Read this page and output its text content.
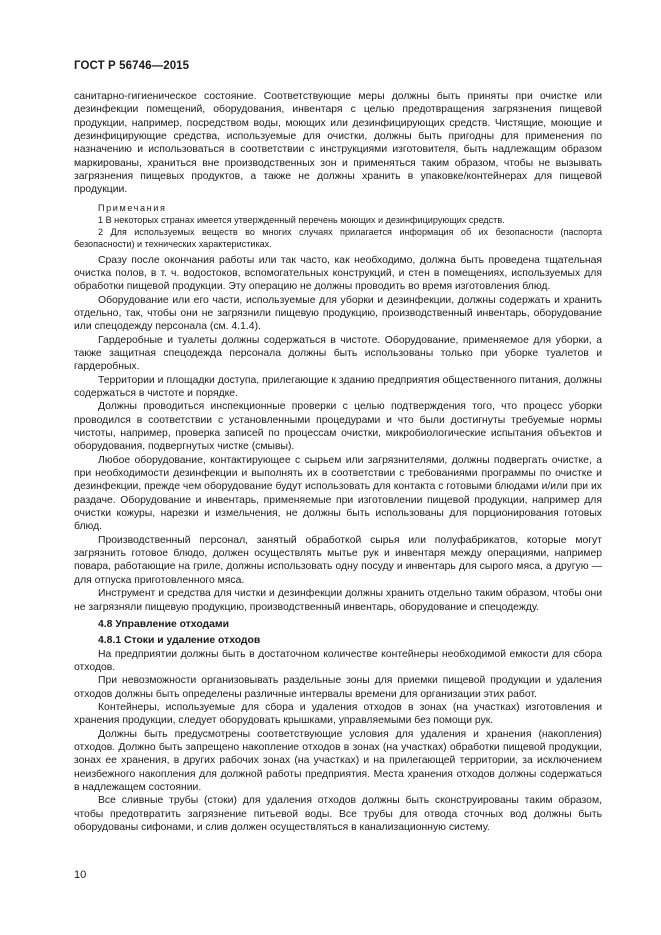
ГОСТ Р 56746—2015

санитарно-гигиеническое состояние. Соответствующие меры должны быть приняты при очистке или дезинфекции помещений, оборудования, инвентаря с целью предотвращения загрязнения пищевой продукции, например, посредством воды, моющих или дезинфицирующих средств. Чистящие, моющие и дезинфицирующие средства, используемые для очистки, должны быть пригодны для применения по назначению и использоваться в соответствии с инструкциями изготовителя, быть надлежащим образом маркированы, храниться вне производственных зон и применяться таким образом, чтобы не вызывать загрязнения пищевых продуктов, а также не должны хранить в упаковке/контейнерах для пищевой продукции.

Примечания

1 В некоторых странах имеется утвержденный перечень моющих и дезинфицирующих средств.

2 Для используемых веществ во многих случаях прилагается информация об их безопасности (паспорта безопасности) и технических характеристиках.

Сразу после окончания работы или так часто, как необходимо, должна быть проведена тщательная очистка полов, в т. ч. водостоков, вспомогательных конструкций, и стен в помещениях, используемых для обработки пищевой продукции. Эту операцию не должны проводить во время изготовления блюд.

Оборудование или его части, используемые для уборки и дезинфекции, должны содержать и хранить отдельно, так, чтобы они не загрязнили пищевую продукцию, производственный инвентарь, оборудование или спецодежду персонала (см. 4.1.4).

Гардеробные и туалеты должны содержаться в чистоте. Оборудование, применяемое для уборки, а также защитная спецодежда персонала должны быть использованы только при уборке туалетов и гардеробных.

Территории и площадки доступа, прилегающие к зданию предприятия общественного питания, должны содержаться в чистоте и порядке.

Должны проводиться инспекционные проверки с целью подтверждения того, что процесс уборки проводился в соответствии с установленными процедурами и что были достигнуты требуемые нормы чистоты, например, проверка записей по процессам очистки, микробиологические испытания объектов и оборудования, подвергнутых чистке (смывы).

Любое оборудование, контактирующее с сырьем или загрязнителями, должны подвергать очистке, а при необходимости дезинфекции и выполнять их в соответствии с требованиями программы по очистке и дезинфекции, прежде чем оборудование будут использовать для контакта с готовыми блюдами и/или при их раздаче. Оборудование и инвентарь, применяемые при изготовлении пищевой продукции, например для очистки кожуры, нарезки и измельчения, не должны быть использованы для порционирования готовых блюд.

Производственный персонал, занятый обработкой сырья или полуфабрикатов, которые могут загрязнить готовое блюдо, должен осуществлять мытье рук и инвентаря между операциями, например повара, работающие на гриле, должны использовать одну посуду и инвентарь для сырого мяса, а другую — для отпуска приготовленного мяса.

Инструмент и средства для чистки и дезинфекции должны хранить отдельно таким образом, чтобы они не загрязняли пищевую продукцию, производственный инвентарь, оборудование и спецодежду.

4.8 Управление отходами
4.8.1 Стоки и удаление отходов

На предприятии должны быть в достаточном количестве контейнеры необходимой емкости для сбора отходов.

При невозможности организовывать раздельные зоны для приемки пищевой продукции и удаления отходов должны быть определены различные интервалы времени для организации этих работ.

Контейнеры, используемые для сбора и удаления отходов в зонах (на участках) изготовления и хранения продукции, следует оборудовать крышками, управляемыми без помощи рук.

Должны быть предусмотрены соответствующие условия для удаления и хранения (накопления) отходов. Должно быть запрещено накопление отходов в зонах (на участках) обработки пищевой продукции, зонах ее хранения, в других рабочих зонах (на участках) и на прилегающей территории, за исключением неизбежного накопления для должной работы предприятия. Места хранения отходов должны содержаться в надлежащем состоянии.

Все сливные трубы (стоки) для удаления отходов должны быть сконструированы таким образом, чтобы предотвратить загрязнение питьевой воды. Все трубы для отвода сточных вод должны быть оборудованы сифонами, и слив должен осуществляться в канализационную систему.

10
